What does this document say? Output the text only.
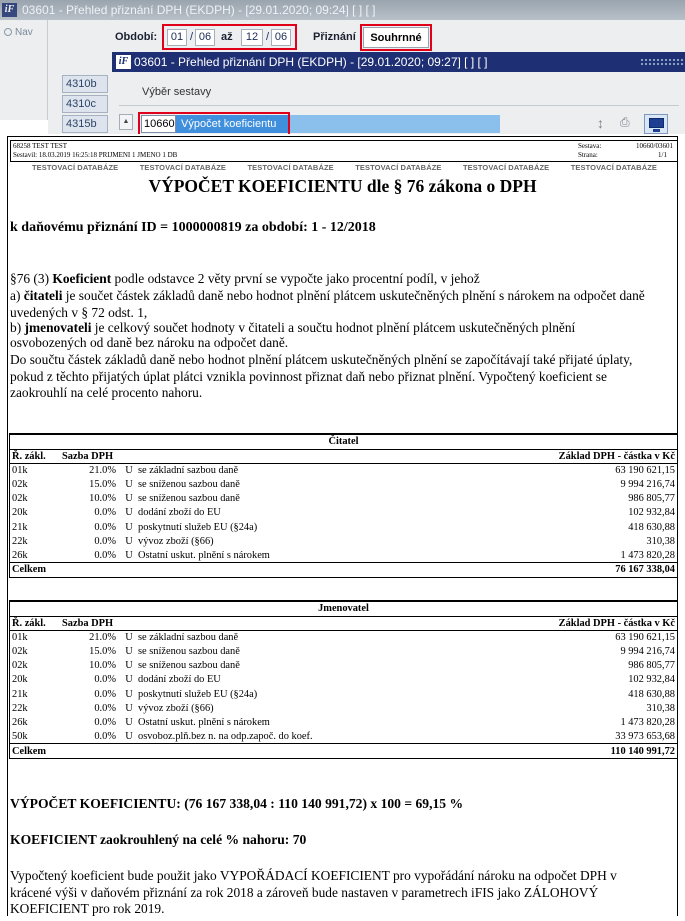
iF 03601 - Přehled přiznání DPH (EKDPH) - [29.01.2020; 09:24] [ ] [ ]
Nav	Období:	01 / 06 až	12 / 06	Přiznání	Souhrnné
iF 03601 - Přehled přiznání DPH (EKDPH) - [29.01.2020; 09:27] [ ] [ ]
4310b
4310c
4315b
Výběr sestavy
▲	10660 Výpočet koeficientu	↕ ⎙
68258 TEST TEST
Sestavil: 18.03.2019 16:25:18 PRIJMENI 1 JMENO 1 DB
Sestava:	10660/03601
Strana:	1/1
TESTOVACÍ DATABÁZE	TESTOVACÍ DATABÁZE	TESTOVACÍ DATABÁZE	TESTOVACÍ DATABÁZE	TESTOVACÍ DATABÁZE	TESTOVACÍ DATABÁZE
VÝPOČET KOEFICIENTU dle § 76 zákona o DPH
k daňovému přiznání ID = 1000000819 za období: 1 - 12/2018
§76 (3) Koeficient podle odstavce 2 věty první se vypočte jako procentní podíl, v jehož
a) čitateli je součet částek základů daně nebo hodnot plnění plátcem uskutečněných plnění s nárokem na odpočet daně
uvedených v § 72 odst. 1,
b) jmenovateli je celkový součet hodnoty v čitateli a součtu hodnot plnění plátcem uskutečněných plnění
osvobozených od daně bez nároku na odpočet daně.
Do součtu částek základů daně nebo hodnot plnění plátcem uskutečněných plnění se započítávají také přijaté úplaty,
pokud z těchto přijatých úplat plátci vznikla povinnost přiznat daň nebo přiznat plnění. Vypočtený koeficient se
zaokrouhlí na celé procento nahoru.
Čitatel				
Ř. zákl.	Sazba DPH			Základ DPH - částka v Kč
01k	21.0%	U	se základní sazbou daně	63 190 621,15
02k	15.0%	U	se sníženou sazbou daně	9 994 216,74
02k	10.0%	U	se sníženou sazbou daně	986 805,77
20k	0.0%	U	dodání zboží do EU	102 932,84
21k	0.0%	U	poskytnutí služeb EU (§24a)	418 630,88
22k	0.0%	U	vývoz zboží (§66)	310,38
26k	0.0%	U	Ostatní uskut. plnění s nárokem	1 473 820,28
Celkem				76 167 338,04
Jmenovatel				
Ř. zákl.	Sazba DPH			Základ DPH - částka v Kč
01k	21.0%	U	se základní sazbou daně	63 190 621,15
02k	15.0%	U	se sníženou sazbou daně	9 994 216,74
02k	10.0%	U	se sníženou sazbou daně	986 805,77
20k	0.0%	U	dodání zboží do EU	102 932,84
21k	0.0%	U	poskytnutí služeb EU (§24a)	418 630,88
22k	0.0%	U	vývoz zboží (§66)	310,38
26k	0.0%	U	Ostatní uskut. plnění s nárokem	1 473 820,28
50k	0.0%	U	osvoboz.plň.bez n. na odp.započ. do koef.	33 973 653,68
Celkem				110 140 991,72
VÝPOČET KOEFICIENTU: (76 167 338,04 : 110 140 991,72) x 100 = 69,15 %
KOEFICIENT zaokrouhlený na celé % nahoru: 70
Vypočtený koeficient bude použit jako VYPOŘÁDACÍ KOEFICIENT pro vypořádání nároku na odpočet DPH v
krácené výši v daňovém přiznání za rok 2018 a zároveň bude nastaven v parametrech iFIS jako ZÁLOHOVÝ
KOEFICIENT pro rok 2019.
